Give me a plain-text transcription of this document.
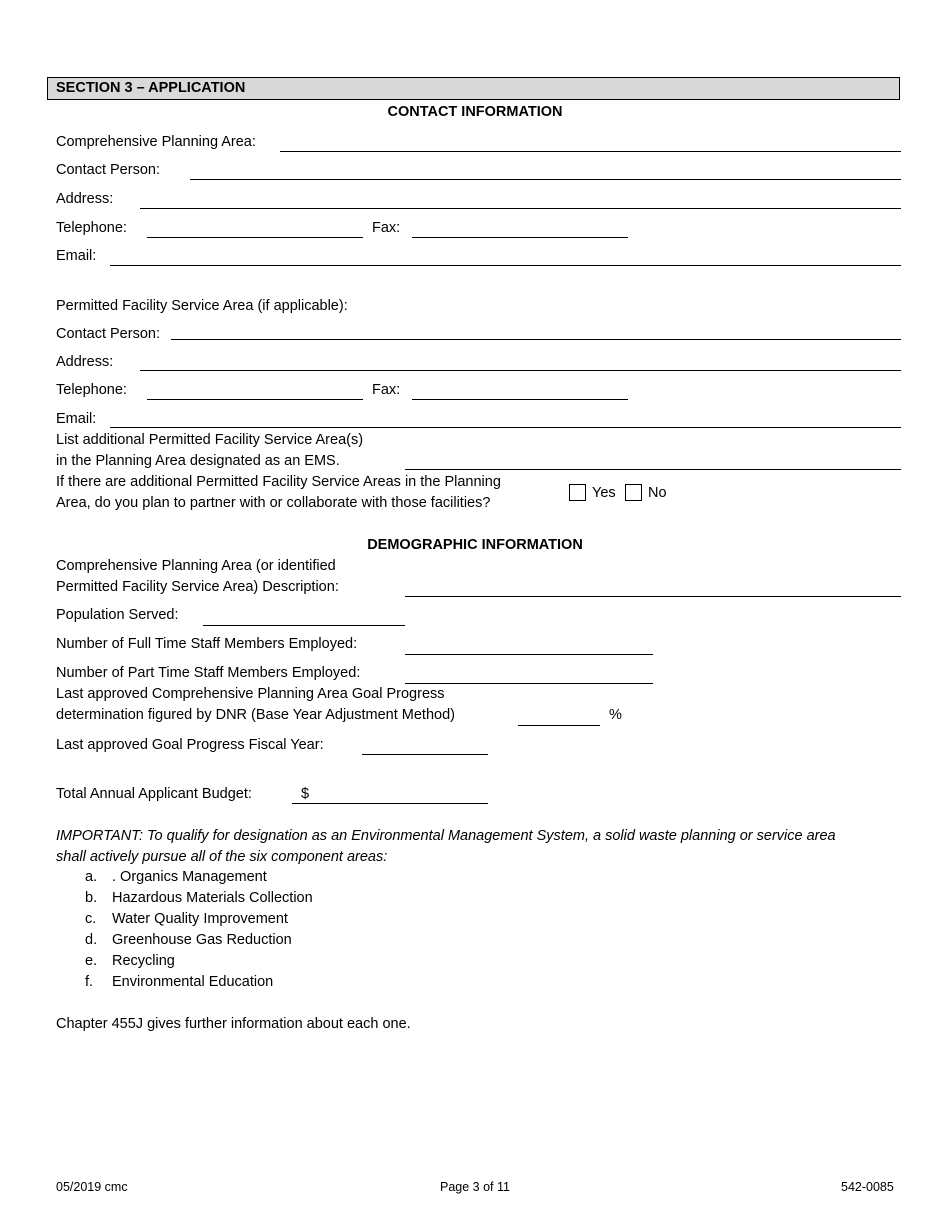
SECTION 3 – APPLICATION
CONTACT INFORMATION
Comprehensive Planning Area:
Contact Person:
Address:
Telephone:	Fax:
Email:
Permitted Facility Service Area (if applicable):
Contact Person:
Address:
Telephone:	Fax:
Email:
List additional Permitted Facility Service Area(s)
in the Planning Area designated as an EMS.
If there are additional Permitted Facility Service Areas in the Planning
Area, do you plan to partner with or collaborate with those facilities?
Yes No
DEMOGRAPHIC INFORMATION
Comprehensive Planning Area (or identified
Permitted Facility Service Area) Description:
Population Served:
Number of Full Time Staff Members Employed:
Number of Part Time Staff Members Employed:
Last approved Comprehensive Planning Area Goal Progress
determination figured by DNR (Base Year Adjustment Method)	%
Last approved Goal Progress Fiscal Year:
Total Annual Applicant Budget:	$
IMPORTANT: To qualify for designation as an Environmental Management System, a solid waste planning or service area
shall actively pursue all of the six component areas:
a. . Organics Management
b. Hazardous Materials Collection
c. Water Quality Improvement
d. Greenhouse Gas Reduction
e. Recycling
f. Environmental Education
Chapter 455J gives further information about each one.
05/2019 cmc	Page 3 of 11	542-0085
